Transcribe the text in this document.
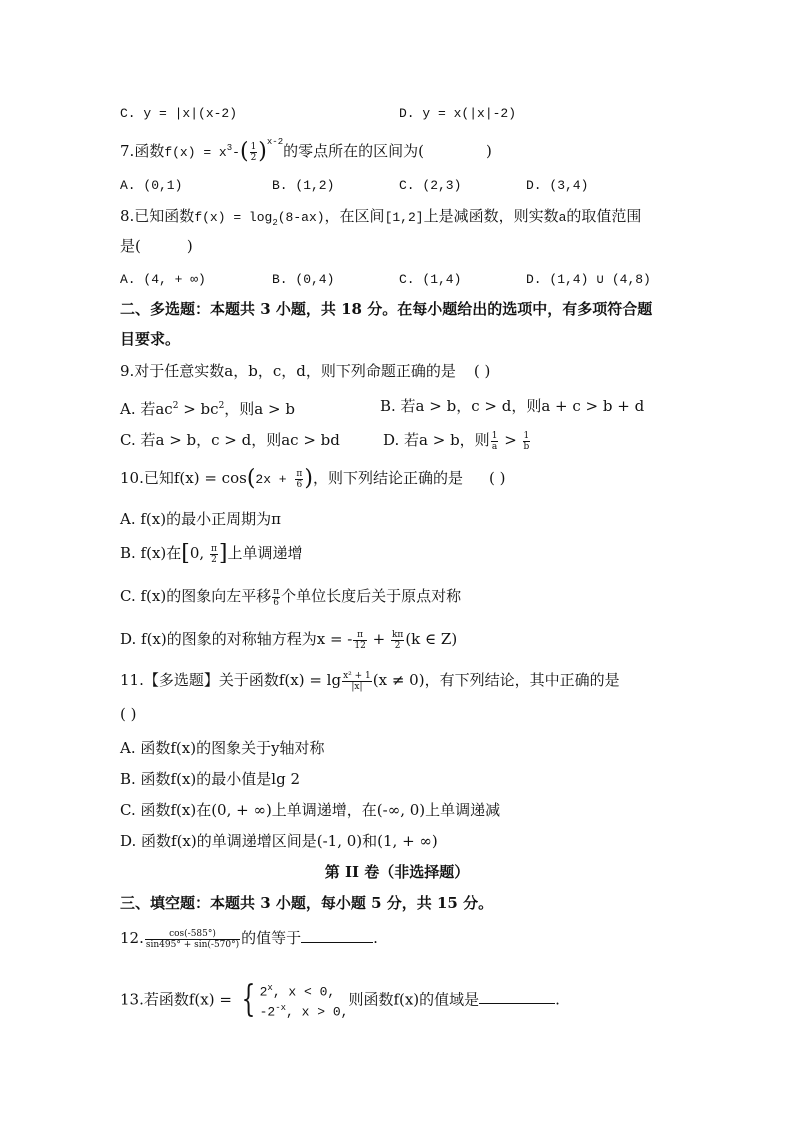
C. y = |x|(x-2)	D. y = x(|x|-2)
7.函数$f(x) = x^3-( \frac{1}{2} )^{x-2}$的零点所在的区间为(	)
A. (0,1)	B. (1,2)	C. (2,3)	D. (3,4)
8.已知函数$f(x) = \log_2(8-ax)$，在区间[1,2]上是减函数，则实数a的取值范围
是(	)
A. (4, + ∞)	B. (0,4)	C. (1,4)	D. (1,4) ∪ (4,8)
二、多选题：本题共 3 小题，共 18 分。在每小题给出的选项中，有多项符合题
目要求。
9.对于任意实数a，b，c，d，则下列命题正确的是 ( )
A. 若$ac^2 > bc^2$，则a > b	B. 若a > b，c > d，则a + c > b + d
C. 若a > b，c > d，则ac > bd	D. 若a > b，则 $\frac{1}{a} > \frac{1}{b}$
10.已知$f(x) = \cos(2x + \frac{\pi}{6}$ )，则下列结论正确的是 ( )
A. f(x)的最小正周期为π
B. f(x)在[0, $\frac{\pi}{2}$ ]上单调递增
C. f(x)的图象向左平移 $\frac{\pi}{6}$ 个单位长度后关于原点对称
D. f(x)的图象的对称轴方程为x = - $\frac{\pi}{12} + \frac{k\pi}{2} (k$ ∈ Z)
11.【多选题】关于函数$f(x) = \lg \frac{\text{x² + 1}}{|x|} (x \ne 0)$，有下列结论，其中正确的是
( )
A. 函数f(x)的图象关于y轴对称
B. 函数f(x)的最小值是lg 2
C. 函数f(x)在(0, + ∞)上单调递增，在(-∞, 0)上单调递减
D. 函数f(x)的单调递增区间是(-1, 0)和(1, + ∞)
第 II 卷（非选择题）
三、填空题：本题共 3 小题，每小题 5 分，共 15 分。
12. $\frac{\cos(-585^\circ)}{\sin 495^\circ + \sin(-570^\circ)}$ 的值等于	.
13.若函数f(x) = { 2$^x$, x < 0,
$-2^{-x}$, x > 0,
则函数f(x)的值域是	.
